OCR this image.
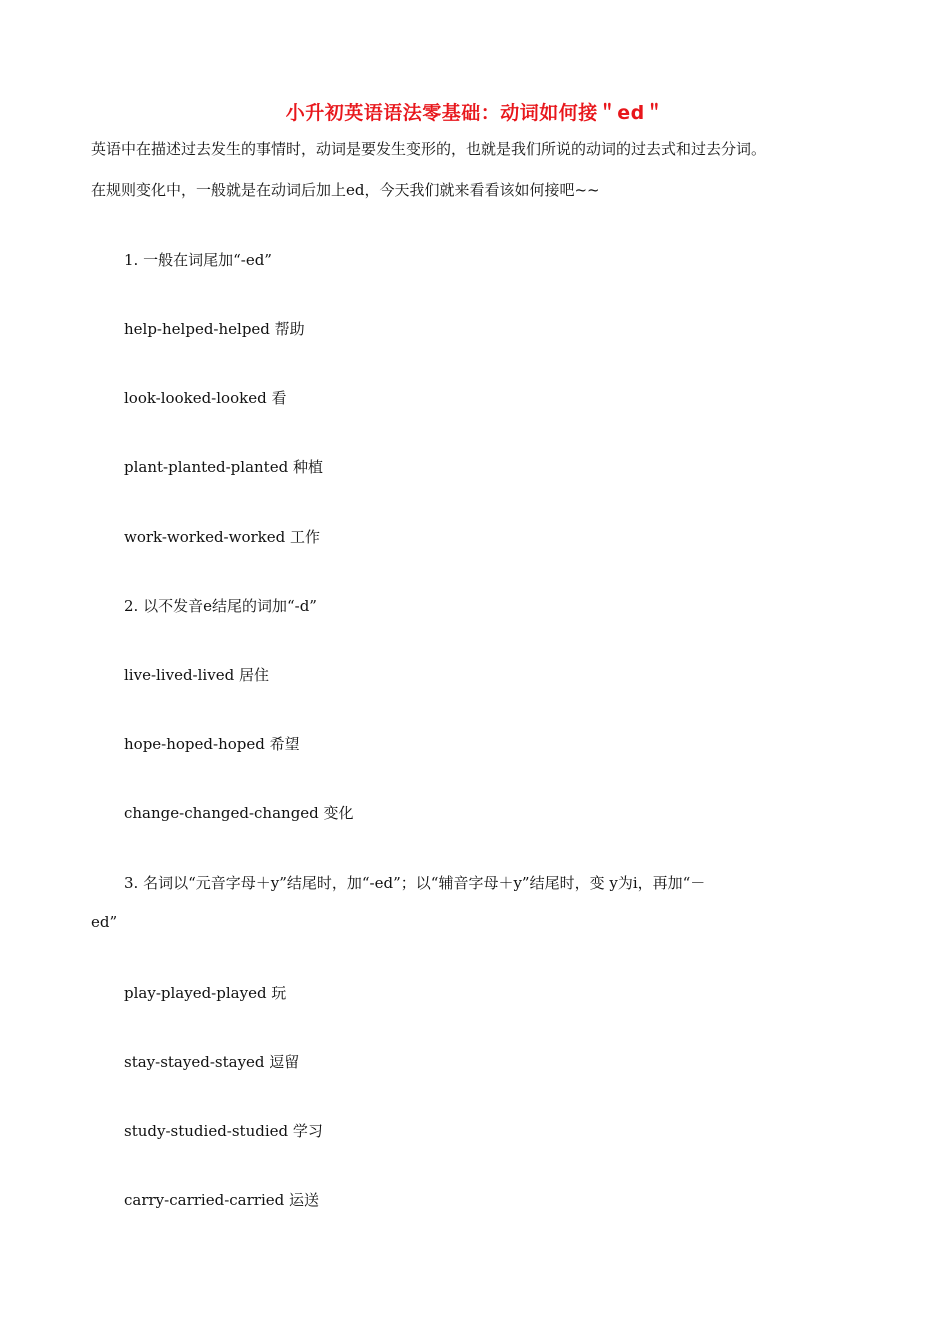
小升初英语语法零基础：动词如何接＂ed＂
英语中在描述过去发生的事情时，动词是要发生变形的，也就是我们所说的动词的过去式和过去分词。
在规则变化中，一般就是在动词后加上ed，今天我们就来看看该如何接吧~~
1. 一般在词尾加“-ed”
help-helped-helped 帮助
look-looked-looked 看
plant-planted-planted 种植
work-worked-worked 工作
2. 以不发音e结尾的词加“-d”
live-lived-lived 居住
hope-hoped-hoped 希望
change-changed-changed 变化
3. 名词以“元音字母＋y”结尾时，加“-ed”；以“辅音字母＋y”结尾时，变 y为i，再加“－
ed”
play-played-played 玩
stay-stayed-stayed 逗留
study-studied-studied 学习
carry-carried-carried 运送
